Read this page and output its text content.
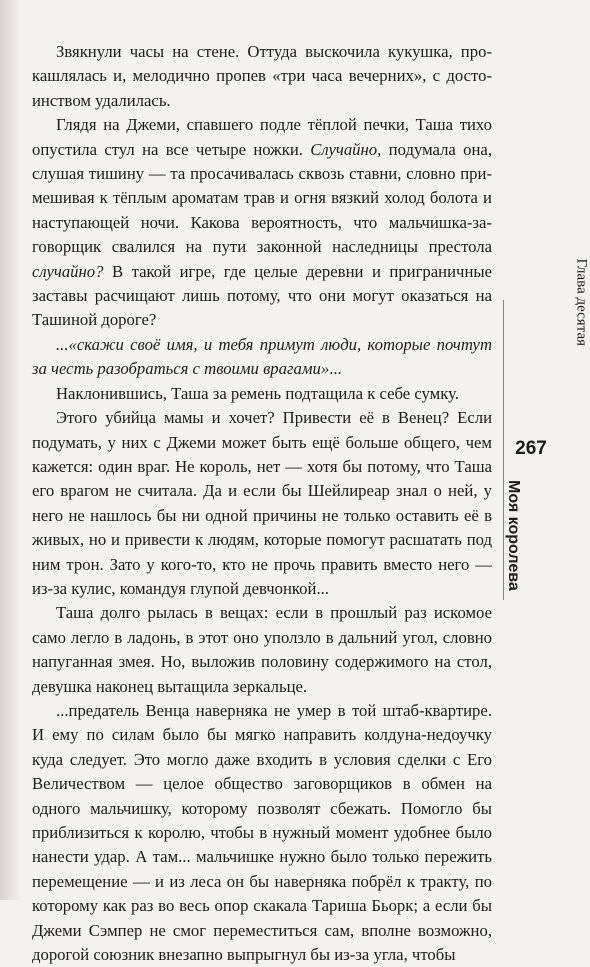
Звякнули часы на стене. Оттуда выскочила кукушка, прокашлялась и, мелодично пропев «три часа вечерних», с достоинством удалилась.

Глядя на Джеми, спавшего подле тёплой печки, Таша тихо опустила стул на все четыре ножки. Случайно, подумала она, слушая тишину — та просачивалась сквозь ставни, словно примешивая к тёплым ароматам трав и огня вязкий холод болота и наступающей ночи. Какова вероятность, что мальчишка-заговорщик свалился на пути законной наследницы престола случайно? В такой игре, где целые деревни и приграничные заставы расчищают лишь потому, что они могут оказаться на Ташиной дороге?

...«скажи своё имя, и тебя примут люди, которые почтут за честь разобраться с твоими врагами»...

Наклонившись, Таша за ремень подтащила к себе сумку.

Этого убийца мамы и хочет? Привести её в Венец? Если подумать, у них с Джеми может быть ещё больше общего, чем кажется: один враг. Не король, нет — хотя бы потому, что Таша его врагом не считала. Да и если бы Шейлиреар знал о ней, у него не нашлось бы ни одной причины не только оставить её в живых, но и привести к людям, которые помогут расшатать под ним трон. Зато у кого-то, кто не прочь править вместо него — из-за кулис, командуя глупой девчонкой...

Таша долго рылась в вещах: если в прошлый раз искомое само легло в ладонь, в этот оно уползло в дальний угол, словно напуганная змея. Но, выложив половину содержимого на стол, девушка наконец вытащила зеркальце.

...предатель Венца наверняка не умер в той штаб-квартире. И ему по силам было бы мягко направить колдуна-недоучку куда следует. Это могло даже входить в условия сделки с Его Величеством — целое общество заговорщиков в обмен на одного мальчишку, которому позволят сбежать. Помогло бы приблизиться к королю, чтобы в нужный момент удобнее было нанести удар. А там... мальчишке нужно было только пережить перемещение — и из леса он бы наверняка побрёл к тракту, по которому как раз во весь опор скакала Тариша Бьорк; а если бы Джеми Сэмпер не смог переместиться сам, вполне возможно, дорогой союзник внезапно выпрыгнул бы из-за угла, чтобы

Глава десятая
267
Моя королева
